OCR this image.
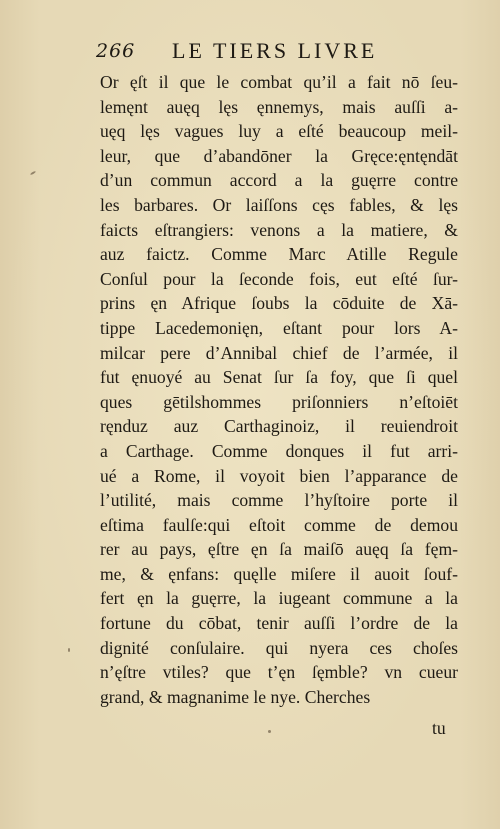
266 LE TIERS LIVRE
Or ęſt il que le combat qu’il a fait nō ſeu-
lemęnt auęq lęs ęnnemys, mais auſſi a-
uęq lęs vagues luy a eſté beaucoup meil-
leur, que d’abandōner la Gręce:ęntęndāt
d’un commun accord a la guęrre contre
les barbares. Or laiſſons cęs fables, & lęs
faicts eſtrangiers: venons a la matiere, &
auz faictz. Comme Marc Atille Regule
Conſul pour la ſeconde fois, eut eſté ſur-
prins ęn Afrique ſoubs la cōduite de Xā-
tippe Lacedemonięn, eſtant pour lors A-
milcar pere d’Annibal chief de l’armée, il
fut ęnuoyé au Senat ſur ſa foy, que ſi quel
ques gētilshommes priſonniers n’eſtoiēt
ręnduz auz Carthaginoiz, il reuiendroit
a Carthage. Comme donques il fut arri-
ué a Rome, il voyoit bien l’apparance de
l’utilité, mais comme l’hyſtoire porte il
eſtima faulſe:qui eſtoit comme de demou
rer au pays, ęſtre ęn ſa maiſō auęq ſa fęm-
me, & ęnfans: quęlle miſere il auoit ſouf-
fert ęn la guęrre, la iugeant commune a la
fortune du cōbat, tenir auſſi l’ordre de la
dignité conſulaire. qui nyera ces choſes
n’ęſtre vtiles? que t’ęn ſęmble? vn cueur
grand, & magnanime le nye. Cherches
tu
